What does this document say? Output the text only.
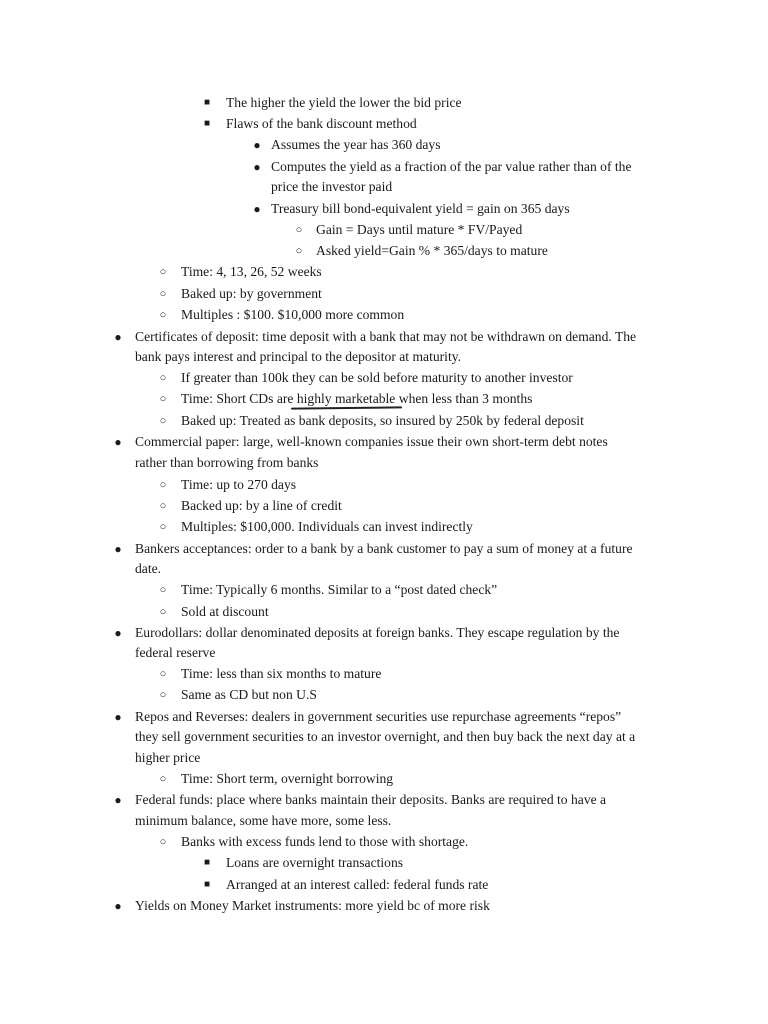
■ The higher the yield the lower the bid price
■ Flaws of the bank discount method
● Assumes the year has 360 days
● Computes the yield as a fraction of the par value rather than of the
price the investor paid
● Treasury bill bond-equivalent yield = gain on 365 days
○ Gain = Days until mature * FV/Payed
○ Asked yield=Gain % * 365/days to mature
○ Time: 4, 13, 26, 52 weeks
○ Baked up: by government
○ Multiples : $100. $10,000 more common
● Certificates of deposit: time deposit with a bank that may not be withdrawn on demand. The
bank pays interest and principal to the depositor at maturity.
○ If greater than 100k they can be sold before maturity to another investor
○ Time: Short CDs are highly marketable when less than 3 months
○ Baked up: Treated as bank deposits, so insured by 250k by federal deposit
● Commercial paper: large, well-known companies issue their own short-term debt notes
rather than borrowing from banks
○ Time: up to 270 days
○ Backed up: by a line of credit
○ Multiples: $100,000. Individuals can invest indirectly
● Bankers acceptances: order to a bank by a bank customer to pay a sum of money at a future
date.
○ Time: Typically 6 months. Similar to a “post dated check”
○ Sold at discount
● Eurodollars: dollar denominated deposits at foreign banks. They escape regulation by the
federal reserve
○ Time: less than six months to mature
○ Same as CD but non U.S
● Repos and Reverses: dealers in government securities use repurchase agreements “repos”
they sell government securities to an investor overnight, and then buy back the next day at a
higher price
○ Time: Short term, overnight borrowing
● Federal funds: place where banks maintain their deposits. Banks are required to have a
minimum balance, some have more, some less.
○ Banks with excess funds lend to those with shortage.
■ Loans are overnight transactions
■ Arranged at an interest called: federal funds rate
● Yields on Money Market instruments: more yield bc of more risk
